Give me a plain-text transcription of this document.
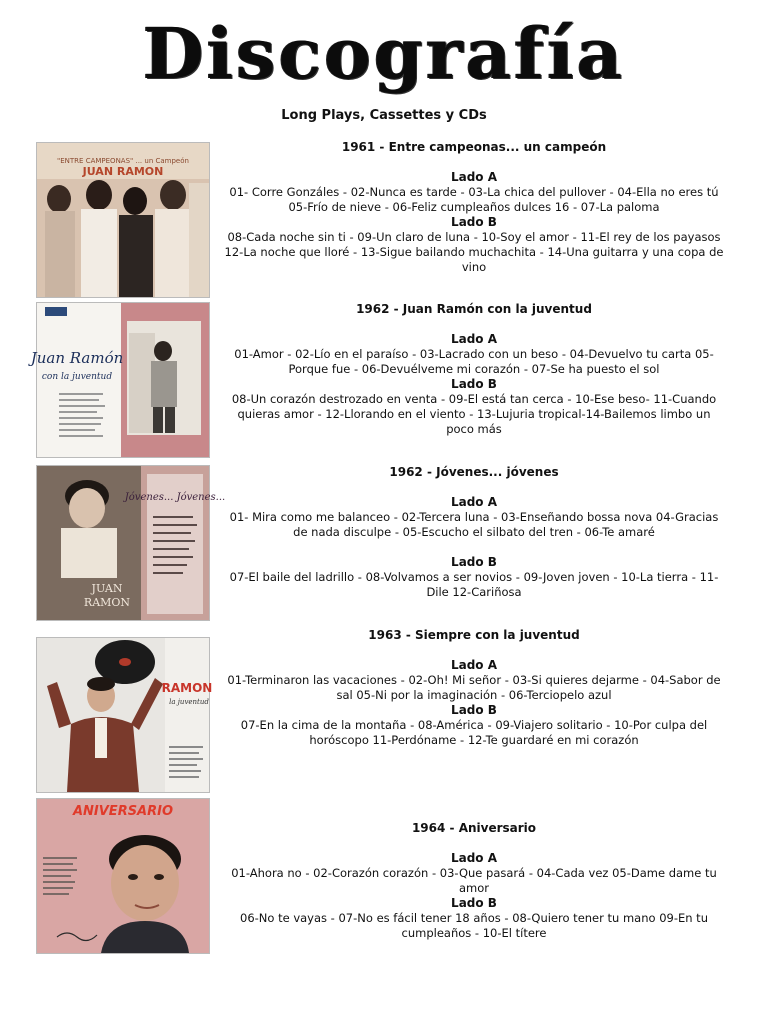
Discografía
Long Plays, Cassettes y CDs
"ENTRE CAMPEONAS" ... un Campeón
JUAN RAMON
1961 - Entre campeonas... un campeón
Lado A
01- Corre Gonzáles - 02-Nunca es tarde - 03-La chica del pullover - 04-Ella no eres tú 05-Frío de nieve - 06-Feliz cumpleaños dulces 16 - 07-La paloma
Lado B
08-Cada noche sin ti - 09-Un claro de luna - 10-Soy el amor - 11-El rey de los payasos 12-La noche que lloré - 13-Sigue bailando muchachita - 14-Una guitarra y una copa de vino
Juan Ramón
con la juventud
1962 - Juan Ramón con la juventud
Lado A
01-Amor - 02-Lío en el paraíso - 03-Lacrado con un beso - 04-Devuelvo tu carta 05-Porque fue - 06-Devuélveme mi corazón - 07-Se ha puesto el sol
Lado B
08-Un corazón destrozado en venta - 09-El está tan cerca - 10-Ese beso- 11-Cuando quieras amor - 12-Llorando en el viento - 13-Lujuria tropical-14-Bailemos limbo un poco más
Jóvenes... Jóvenes...
JUAN
RAMON
1962 - Jóvenes... jóvenes
Lado A
01- Mira como me balanceo - 02-Tercera luna - 03-Enseñando bossa nova 04-Gracias de nada disculpe - 05-Escucho el silbato del tren - 06-Te amaré
Lado B
07-El baile del ladrillo - 08-Volvamos a ser novios - 09-Joven joven - 10-La tierra - 11-Dile 12-Cariñosa
RAMON
la juventud
1963 - Siempre con la juventud
Lado A
01-Terminaron las vacaciones - 02-Oh! Mi señor - 03-Si quieres dejarme - 04-Sabor de sal 05-Ni por la imaginación - 06-Terciopelo azul
Lado B
07-En la cima de la montaña - 08-América - 09-Viajero solitario - 10-Por culpa del horóscopo 11-Perdóname - 12-Te guardaré en mi corazón
ANIVERSARIO
1964 - Aniversario
Lado A
01-Ahora no - 02-Corazón corazón - 03-Que pasará - 04-Cada vez 05-Dame dame tu amor
Lado B
06-No te vayas - 07-No es fácil tener 18 años - 08-Quiero tener tu mano 09-En tu cumpleaños - 10-El títere
